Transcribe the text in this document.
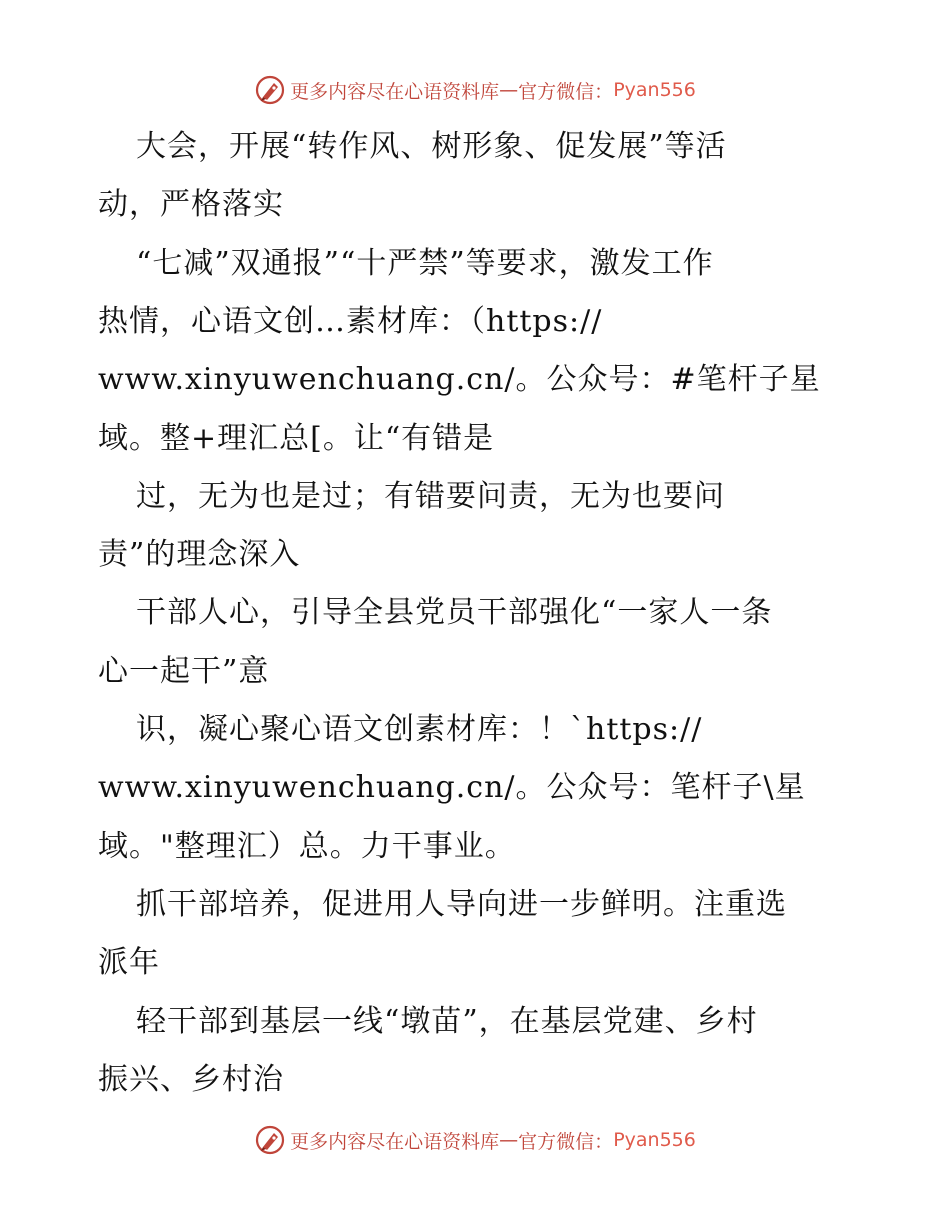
更多内容尽在心语资料库 — 官方微信： Pyan556
大会，开展“转作风、树形象、促发展”等活
动，严格落实
“七减”双通报”“十严禁”等要求，激发工作
热情，心语文创…素材库：（https://
www.xinyuwenchuang.cn/。公众号：#笔杆子星
域。整+理汇总[。让“有错是
过，无为也是过；有错要问责，无为也要问
责”的理念深入
干部人心，引导全县党员干部强化“一家人一条
心一起干”意
识，凝心聚心语文创素材库：！`https://
www.xinyuwenchuang.cn/。公众号：笔杆子\星
域。"整理汇）总。力干事业。
抓干部培养，促进用人导向进一步鲜明。注重选
派年
轻干部到基层一线“墩苗”，在基层党建、乡村
振兴、乡村治
更多内容尽在心语资料库 — 官方微信： Pyan556
